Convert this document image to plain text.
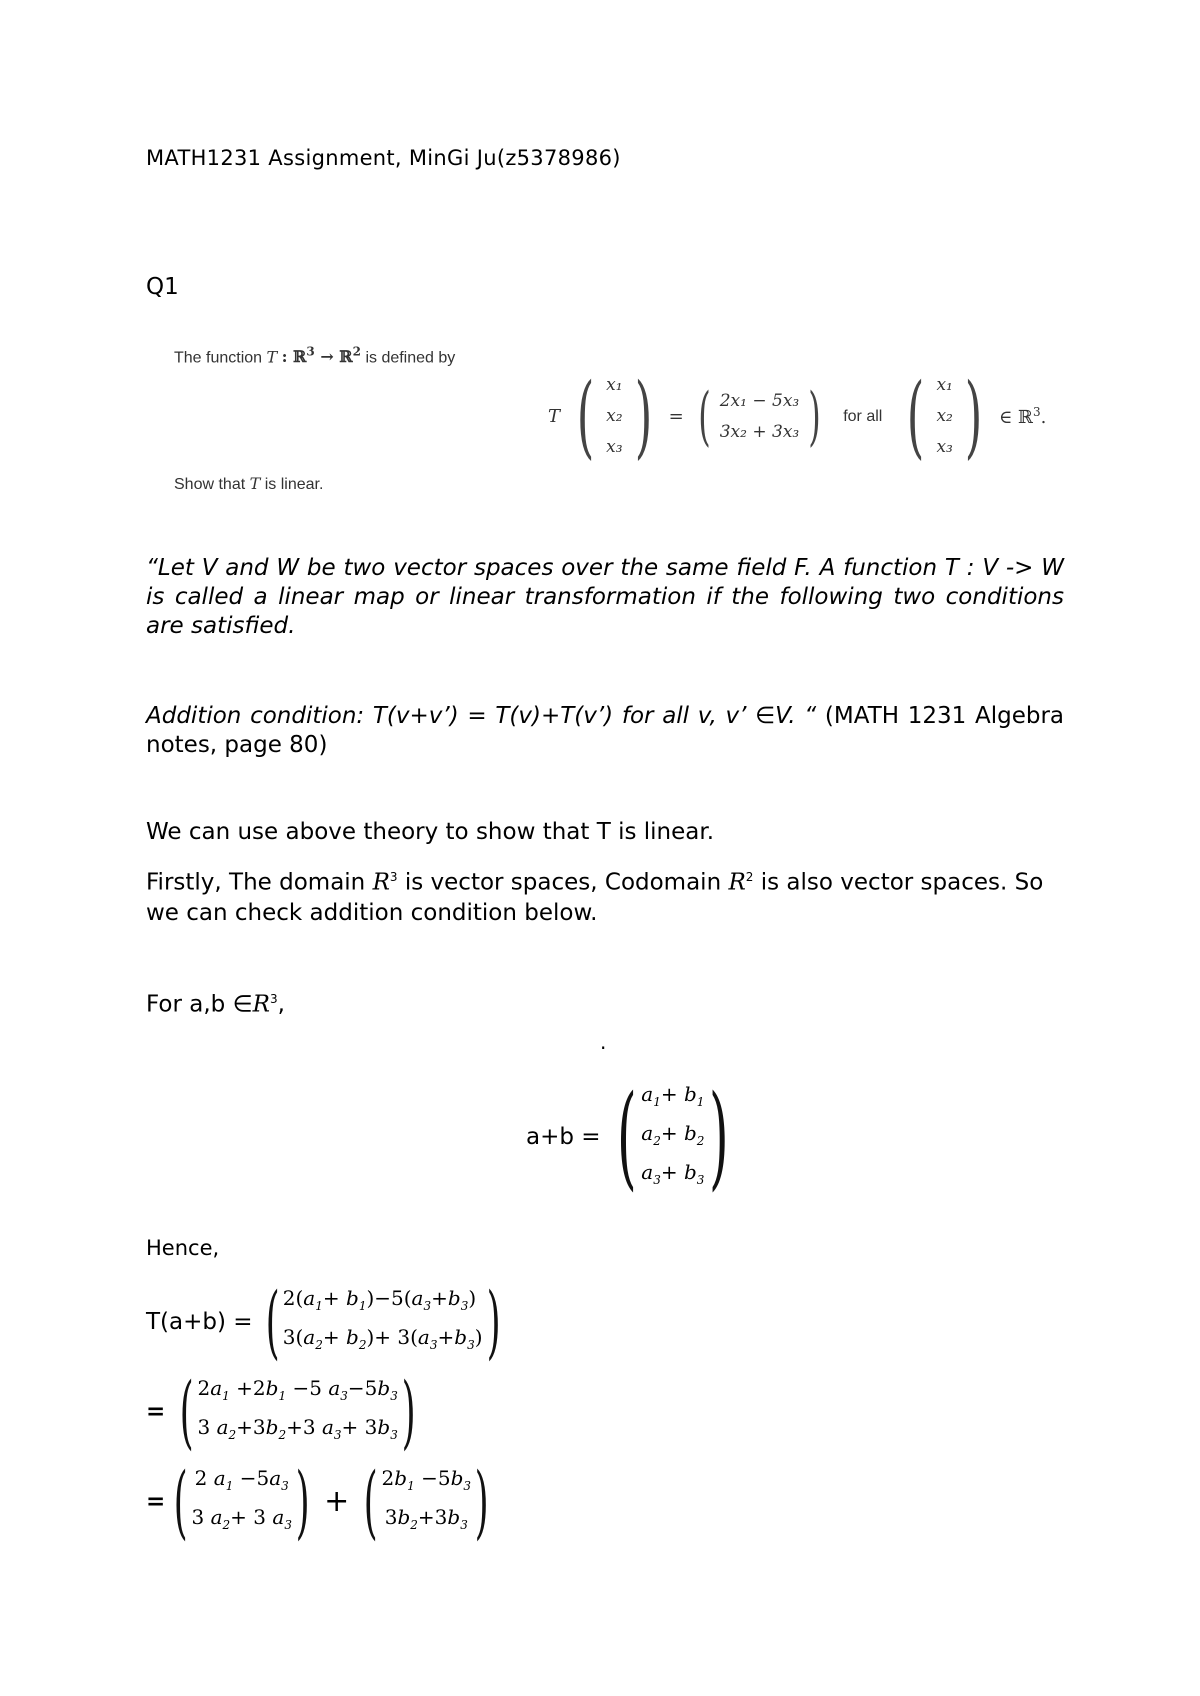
MATH1231 Assignment, MinGi Ju(z5378986)
Q1
The function T : ℝ$^3$ → ℝ$^2$ is defined by
T ( x₁
x₂
x₃ ) = ( 2x₁ − 5x₃
3x₂ + 3x₃ ) for all ( x₁
x₂
x₃ ) ∈ ℝ$^3$.
Show that T is linear.
“Let V and W be two vector spaces over the same field F. A function T : V -> W is called a linear map or linear transformation if the following two conditions are satisfied.
Addition condition: T(v+v’) = T(v)+T(v’) for all v, v’ ∈V. “ (MATH 1231 Algebra notes, page 80)
We can use above theory to show that T is linear.
Firstly, The domain $R^3$ is vector spaces, Codomain $R^2$ is also vector spaces. So we can check addition condition below.
For a,b $\in R^3$,
.
a+b = ( $a_1+ b_1$
$a_2+ b_2$
$a_3+ b_3$ )
Hence,
T(a+b) = ( $2(a_1+ b_1)-5(a_3+b_3)$
$3(a_2+ b_2)+ 3(a_3+b_3)$ )
= ( $2a_1 +2b_1 -5$ $a_3-5b_3$
3 $a_2+3b_2+3$ $a_3+ 3b_3$ )
= ( 2 $a_1 -5a_3$
3 $a_2+ 3$ $a_3$ ) + ( $2b_1 -5b_3$
$3b_2+3b_3$ )
